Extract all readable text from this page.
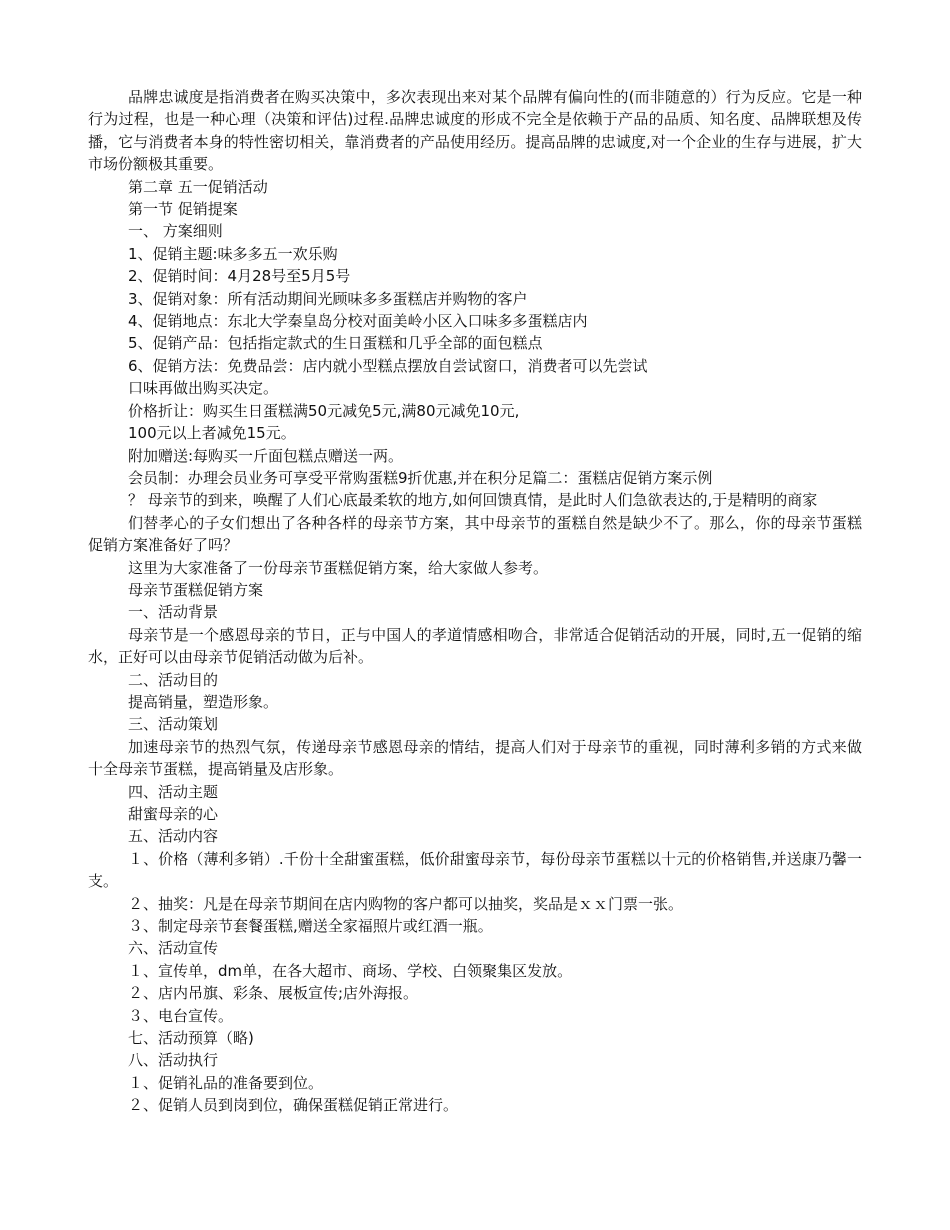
品牌忠诚度是指消费者在购买决策中，多次表现出来对某个品牌有偏向性的(而非随意的）行为反应。它是一种行为过程，也是一种心理（决策和评估)过程.品牌忠诚度的形成不完全是依赖于产品的品质、知名度、品牌联想及传播，它与消费者本身的特性密切相关，靠消费者的产品使用经历。提高品牌的忠诚度,对一个企业的生存与进展，扩大市场份额极其重要。

第二章 五一促销活动

第一节 促销提案

一、 方案细则

1、促销主题:味多多五一欢乐购

2、促销时间：4月28号至5月5号

3、促销对象：所有活动期间光顾味多多蛋糕店并购物的客户

4、促销地点：东北大学秦皇岛分校对面美岭小区入口味多多蛋糕店内

5、促销产品：包括指定款式的生日蛋糕和几乎全部的面包糕点

6、促销方法：免费品尝：店内就小型糕点摆放自尝试窗口，消费者可以先尝试

口味再做出购买决定。

价格折让：购买生日蛋糕满50元减免5元,满80元减免10元,

100元以上者减免15元。

附加赠送:每购买一斤面包糕点赠送一两。

会员制：办理会员业务可享受平常购蛋糕9折优惠,并在积分足篇二：蛋糕店促销方案示例

？ 母亲节的到来，唤醒了人们心底最柔软的地方,如何回馈真情，是此时人们急欲表达的,于是精明的商家

们替孝心的子女们想出了各种各样的母亲节方案，其中母亲节的蛋糕自然是缺少不了。那么，你的母亲节蛋糕促销方案准备好了吗？

这里为大家准备了一份母亲节蛋糕促销方案，给大家做人参考。

母亲节蛋糕促销方案

一、活动背景

母亲节是一个感恩母亲的节日，正与中国人的孝道情感相吻合，非常适合促销活动的开展，同时,五一促销的缩水，正好可以由母亲节促销活动做为后补。

二、活动目的

提高销量，塑造形象。

三、活动策划

加速母亲节的热烈气氛，传递母亲节感恩母亲的情结，提高人们对于母亲节的重视，同时薄利多销的方式来做十全母亲节蛋糕，提高销量及店形象。

四、活动主题

甜蜜母亲的心

五、活动内容

１、价格（薄利多销）.千份十全甜蜜蛋糕，低价甜蜜母亲节，每份母亲节蛋糕以十元的价格销售,并送康乃馨一支。

２、抽奖：凡是在母亲节期间在店内购物的客户都可以抽奖，奖品是ｘｘ门票一张。

３、制定母亲节套餐蛋糕,赠送全家福照片或红酒一瓶。

六、活动宣传

１、宣传单，dm单，在各大超市、商场、学校、白领聚集区发放。

２、店内吊旗、彩条、展板宣传;店外海报。

３、电台宣传。

七、活动预算（略)

八、活动执行

１、促销礼品的准备要到位。

２、促销人员到岗到位，确保蛋糕促销正常进行。
